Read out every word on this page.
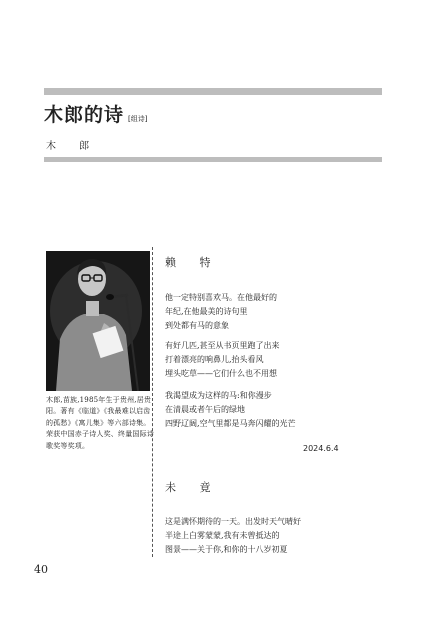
木郎的诗 [组诗]
木 郎
木郎,苗族,1985年生于贵州,居贵阳。著有《临道》《我最难以启齿的孤愁》《寓儿集》等六部诗集。荣获中国赤子诗人奖、终量国际诗歌奖等奖项。
赖 特
他一定特别喜欢马。在他最好的
年纪,在他最美的诗句里
到处都有马的意象
有好几匹,甚至从书页里跑了出来
打着漂亮的响鼻儿,抬头看风
埋头吃草——它们什么也不用想
我渴望成为这样的马:和你漫步
在清晨或者午后的绿地
四野辽阔,空气里都是马奔闪耀的光芒
2024.6.4
未 竟
这是满怀期待的一天。出发时天气晴好
半途上白雾蒙蒙,我有未曾抵达的
图景——关于你,和你的十八岁初夏
40
